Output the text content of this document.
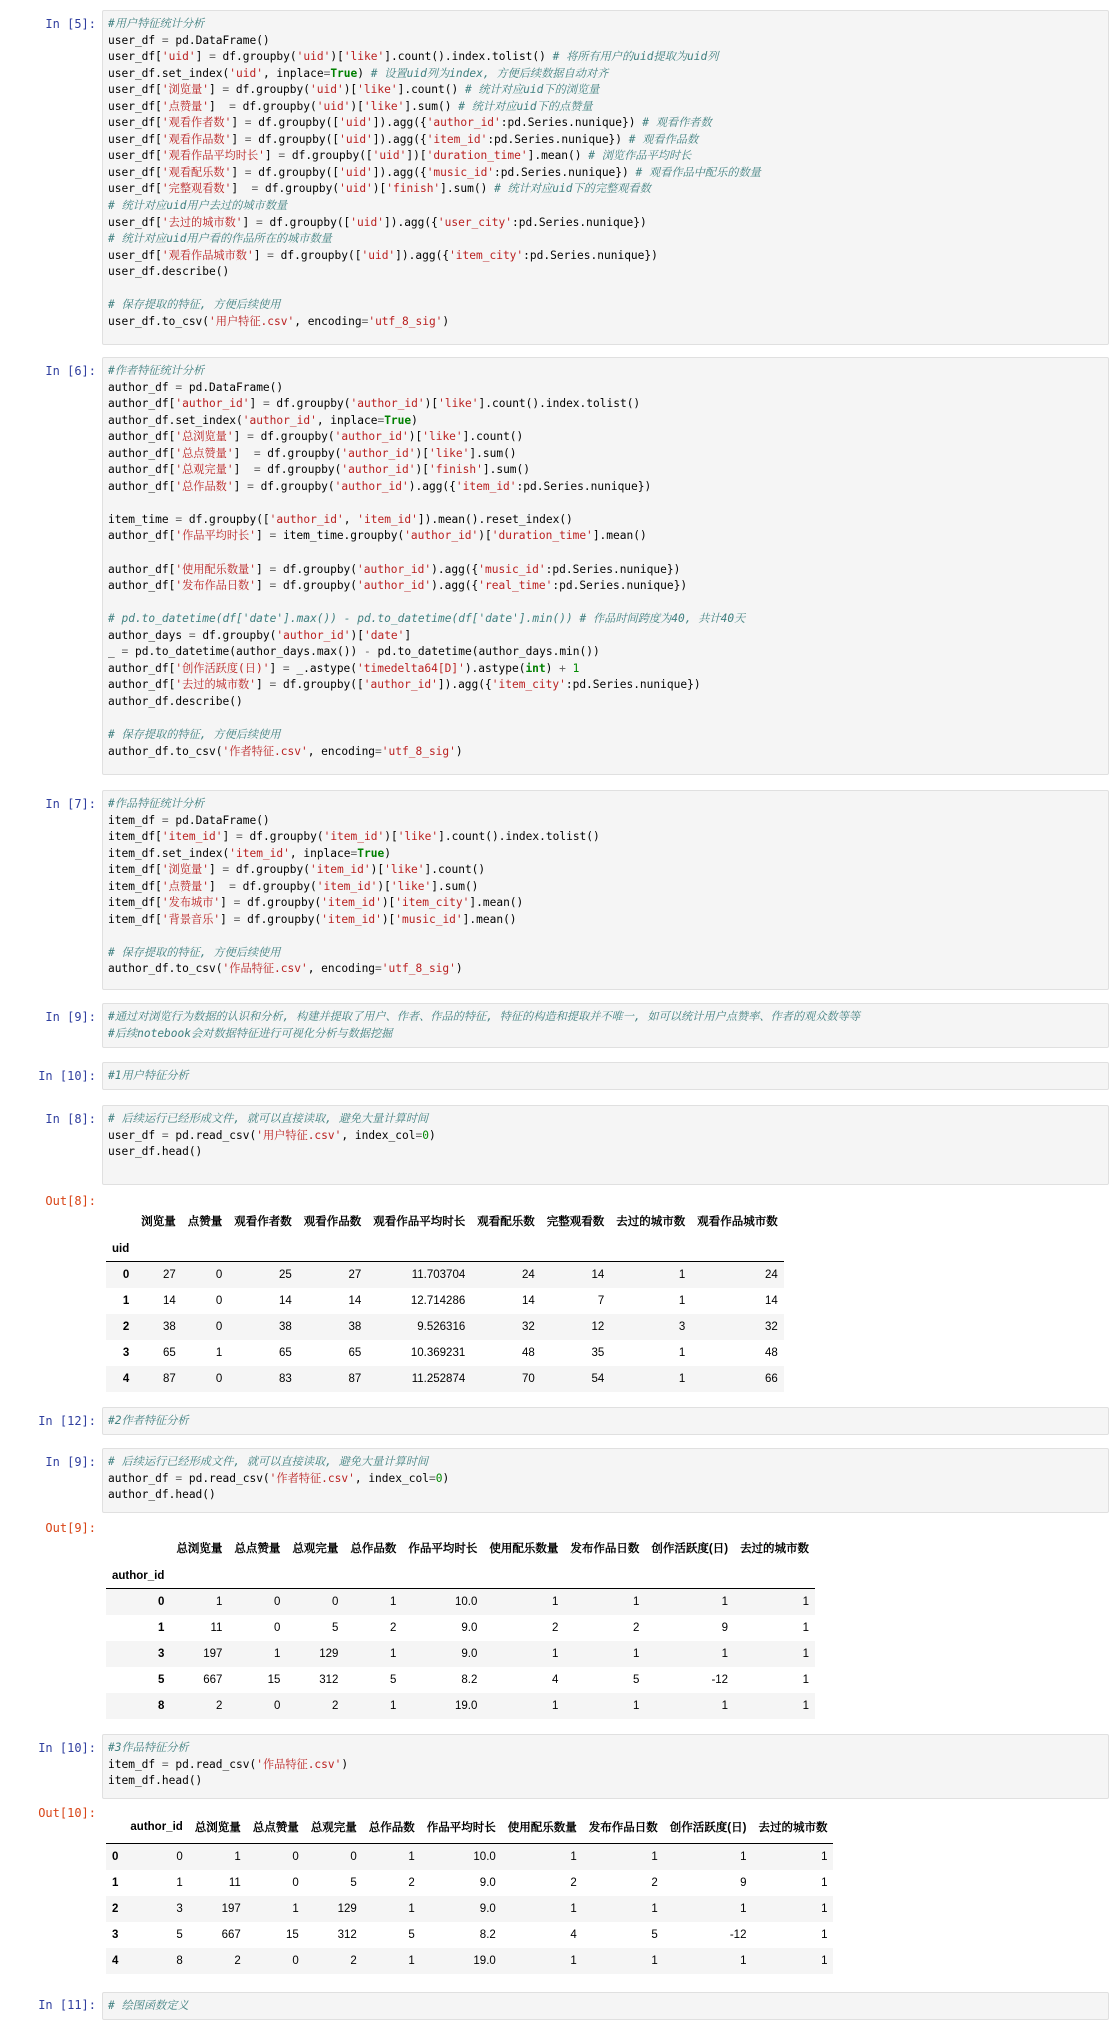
In [5]: #用户特征统计分析
user_df = pd.DataFrame()
user_df['uid'] = df.groupby('uid')['like'].count().index.tolist() # 将所有用户的uid提取为uid列
user_df.set_index('uid', inplace=True) # 设置uid列为index, 方便后续数据自动对齐
user_df['浏览量'] = df.groupby('uid')['like'].count() # 统计对应uid下的浏览量
user_df['点赞量']  = df.groupby('uid')['like'].sum() # 统计对应uid下的点赞量
user_df['观看作者数'] = df.groupby(['uid']).agg({'author_id':pd.Series.nunique}) # 观看作者数
user_df['观看作品数'] = df.groupby(['uid']).agg({'item_id':pd.Series.nunique}) # 观看作品数
user_df['观看作品平均时长'] = df.groupby(['uid'])['duration_time'].mean() # 浏览作品平均时长
user_df['观看配乐数'] = df.groupby(['uid']).agg({'music_id':pd.Series.nunique}) # 观看作品中配乐的数量
user_df['完整观看数']  = df.groupby('uid')['finish'].sum() # 统计对应uid下的完整观看数
# 统计对应uid用户去过的城市数量
user_df['去过的城市数'] = df.groupby(['uid']).agg({'user_city':pd.Series.nunique})
# 统计对应uid用户看的作品所在的城市数量
user_df['观看作品城市数'] = df.groupby(['uid']).agg({'item_city':pd.Series.nunique})
user_df.describe()
# 保存提取的特征, 方便后续使用
user_df.to_csv('用户特征.csv', encoding='utf_8_sig')
In [6]: #作者特征统计分析
author_df = pd.DataFrame()
author_df['author_id'] = df.groupby('author_id')['like'].count().index.tolist()
author_df.set_index('author_id', inplace=True)
author_df['总浏览量'] = df.groupby('author_id')['like'].count()
author_df['总点赞量']  = df.groupby('author_id')['like'].sum()
author_df['总观完量']  = df.groupby('author_id')['finish'].sum()
author_df['总作品数'] = df.groupby('author_id').agg({'item_id':pd.Series.nunique})
item_time = df.groupby(['author_id', 'item_id']).mean().reset_index()
author_df['作品平均时长'] = item_time.groupby('author_id')['duration_time'].mean()
author_df['使用配乐数量'] = df.groupby('author_id').agg({'music_id':pd.Series.nunique})
author_df['发布作品日数'] = df.groupby('author_id').agg({'real_time':pd.Series.nunique})
# pd.to_datetime(df['date'].max()) - pd.to_datetime(df['date'].min()) # 作品时间跨度为40, 共计40天
author_days = df.groupby('author_id')['date']
_ = pd.to_datetime(author_days.max()) - pd.to_datetime(author_days.min())
author_df['创作活跃度(日)'] = _.astype('timedelta64[D]').astype(int) + 1
author_df['去过的城市数'] = df.groupby(['author_id']).agg({'item_city':pd.Series.nunique})
author_df.describe()
# 保存提取的特征, 方便后续使用
author_df.to_csv('作者特征.csv', encoding='utf_8_sig')
In [7]: #作品特征统计分析
item_df = pd.DataFrame()
item_df['item_id'] = df.groupby('item_id')['like'].count().index.tolist()
item_df.set_index('item_id', inplace=True)
item_df['浏览量'] = df.groupby('item_id')['like'].count()
item_df['点赞量']  = df.groupby('item_id')['like'].sum()
item_df['发布城市'] = df.groupby('item_id')['item_city'].mean()
item_df['背景音乐'] = df.groupby('item_id')['music_id'].mean()
# 保存提取的特征, 方便后续使用
author_df.to_csv('作品特征.csv', encoding='utf_8_sig')
In [9]: #通过对浏览行为数据的认识和分析, 构建并提取了用户、作者、作品的特征, 特征的构造和提取并不唯一, 如可以统计用户点赞率、作者的观众数等等
#后续notebook会对数据特征进行可视化分析与数据挖掘
In [10]: #1用户特征分析
In [8]: # 后续运行已经形成文件, 就可以直接读取, 避免大量计算时间
user_df = pd.read_csv('用户特征.csv', index_col=0)
user_df.head()
Out[8]:
	浏览量	点赞量	观看作者数	观看作品数	观看作品平均时长	观看配乐数	完整观看数	去过的城市数	观看作品城市数
uid									
0	27	0	25	27	11.703704	24	14	1	24
1	14	0	14	14	12.714286	14	7	1	14
2	38	0	38	38	9.526316	32	12	3	32
3	65	1	65	65	10.369231	48	35	1	48
4	87	0	83	87	11.252874	70	54	1	66
In [12]: #2作者特征分析
In [9]: # 后续运行已经形成文件, 就可以直接读取, 避免大量计算时间
author_df = pd.read_csv('作者特征.csv', index_col=0)
author_df.head()
Out[9]:
	总浏览量	总点赞量	总观完量	总作品数	作品平均时长	使用配乐数量	发布作品日数	创作活跃度(日)	去过的城市数
author_id									
0	1	0	0	1	10.0	1	1	1	1
1	11	0	5	2	9.0	2	2	9	1
3	197	1	129	1	9.0	1	1	1	1
5	667	15	312	5	8.2	4	5	-12	1
8	2	0	2	1	19.0	1	1	1	1
In [10]: #3作品特征分析
item_df = pd.read_csv('作品特征.csv')
item_df.head()
Out[10]:
	author_id	总浏览量	总点赞量	总观完量	总作品数	作品平均时长	使用配乐数量	发布作品日数	创作活跃度(日)	去过的城市数
0	0	1	0	0	1	10.0	1	1	1	1
1	1	11	0	5	2	9.0	2	2	9	1
2	3	197	1	129	1	9.0	1	1	1	1
3	5	667	15	312	5	8.2	4	5	-12	1
4	8	2	0	2	1	19.0	1	1	1	1
In [11]: # 绘图函数定义
